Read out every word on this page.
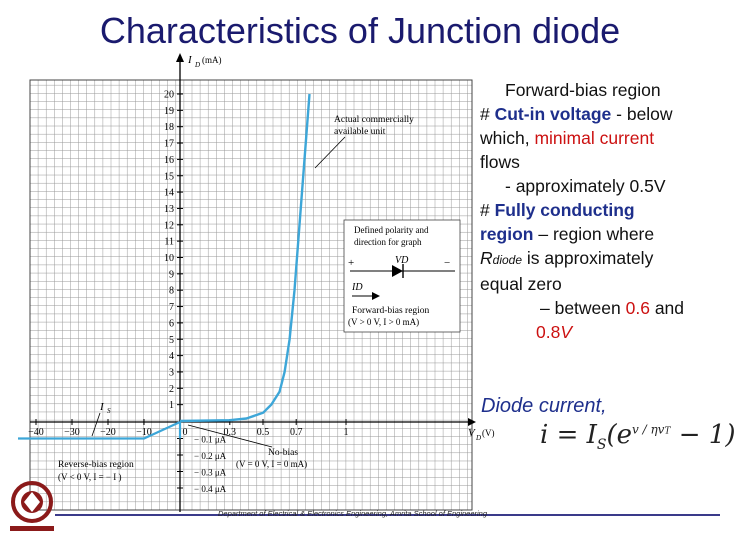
Characteristics of Junction diode
I D (mA)
V D (V)
1
2
3
4
5
6
7
8
9
10
11
12
13
14
15
16
17
18
19
20
−40 −30 −20 −10	0	0.3 0.5 0.7	1
− 0.1 μA
− 0.2 μA
− 0.3 μA
− 0.4 μA
Actual commercially
available unit
Defined polarity and
direction for graph
+	−
VD
ID
Forward-bias region
(V > 0 V, I > 0 mA)
I S
No-bias
(V = 0 V, I = 0 mA)
Reverse-bias region
(V < 0 V, I = − I )
Forward-bias region
# Cut-in voltage - below
which, minimal current
flows
- approximately 0.5V
# Fully conducting
region – region where
Rdiode is approximately
equal zero
– between 0.6 and
0.8V
Diode current,
$i = I_S(e^{v / \eta vT} - 1)$
Department of Electrical & Electronics Engineering, Amrita School of Engineering
